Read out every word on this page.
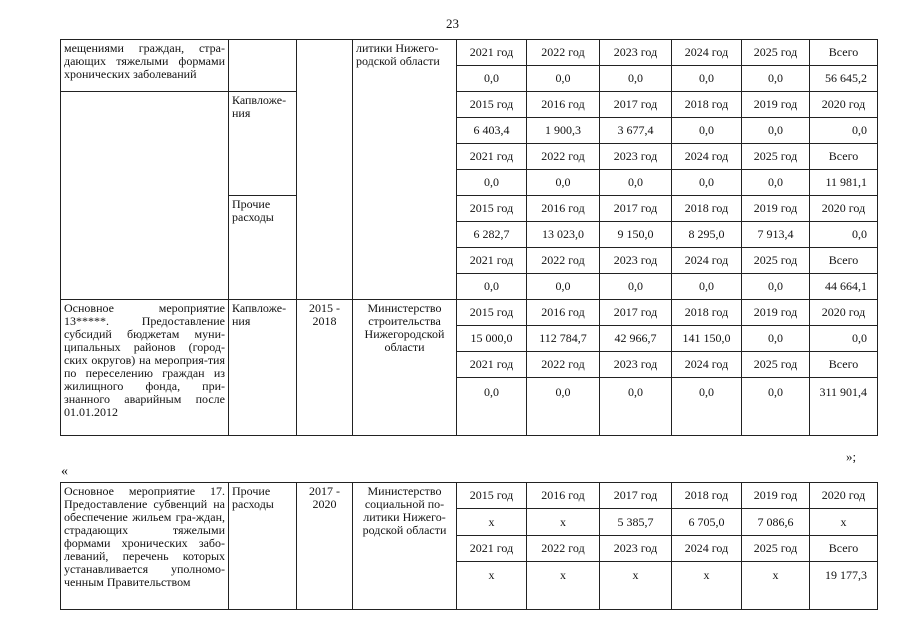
23
мещениями граждан, стра-дающих тяжелыми формами хронических заболеваний			литики Нижего-родской области	2021 год	2022 год	2023 год	2024 год	2025 год	Всего
				0,0	0,0	0,0	0,0	0,0	56 645,2
	Капвложе-ния			2015 год	2016 год	2017 год	2018 год	2019 год	2020 год
				6 403,4	1 900,3	3 677,4	0,0	0,0	0,0
				2021 год	2022 год	2023 год	2024 год	2025 год	Всего
				0,0	0,0	0,0	0,0	0,0	11 981,1
	Прочие расходы			2015 год	2016 год	2017 год	2018 год	2019 год	2020 год
				6 282,7	13 023,0	9 150,0	8 295,0	7 913,4	0,0
				2021 год	2022 год	2023 год	2024 год	2025 год	Всего
				0,0	0,0	0,0	0,0	0,0	44 664,1
Основное мероприятие 13*****. Предоставление субсидий бюджетам муни-ципальных районов (город-ских округов) на мероприя-тия по переселению граждан из жилищного фонда, при-знанного аварийным после 01.01.2012	Капвложе-ния	2015 - 2018	Министерство строительства Нижегородской области	2015 год	2016 год	2017 год	2018 год	2019 год	2020 год
				15 000,0	112 784,7	42 966,7	141 150,0	0,0	0,0
				2021 год	2022 год	2023 год	2024 год	2025 год	Всего
				0,0	0,0	0,0	0,0	0,0	311 901,4
»;
«
Основное мероприятие 17. Предоставление субвенций на обеспечение жильем гра-ждан, страдающих тяжелыми формами хронических забо-леваний, перечень которых устанавливается уполномо-ченным Правительством	Прочие расходы	2017 - 2020	Министерство социальной по-литики Нижего-родской области	2015 год	2016 год	2017 год	2018 год	2019 год	2020 год
				х	х	5 385,7	6 705,0	7 086,6	х
				2021 год	2022 год	2023 год	2024 год	2025 год	Всего
				х	х	х	х	х	19 177,3
